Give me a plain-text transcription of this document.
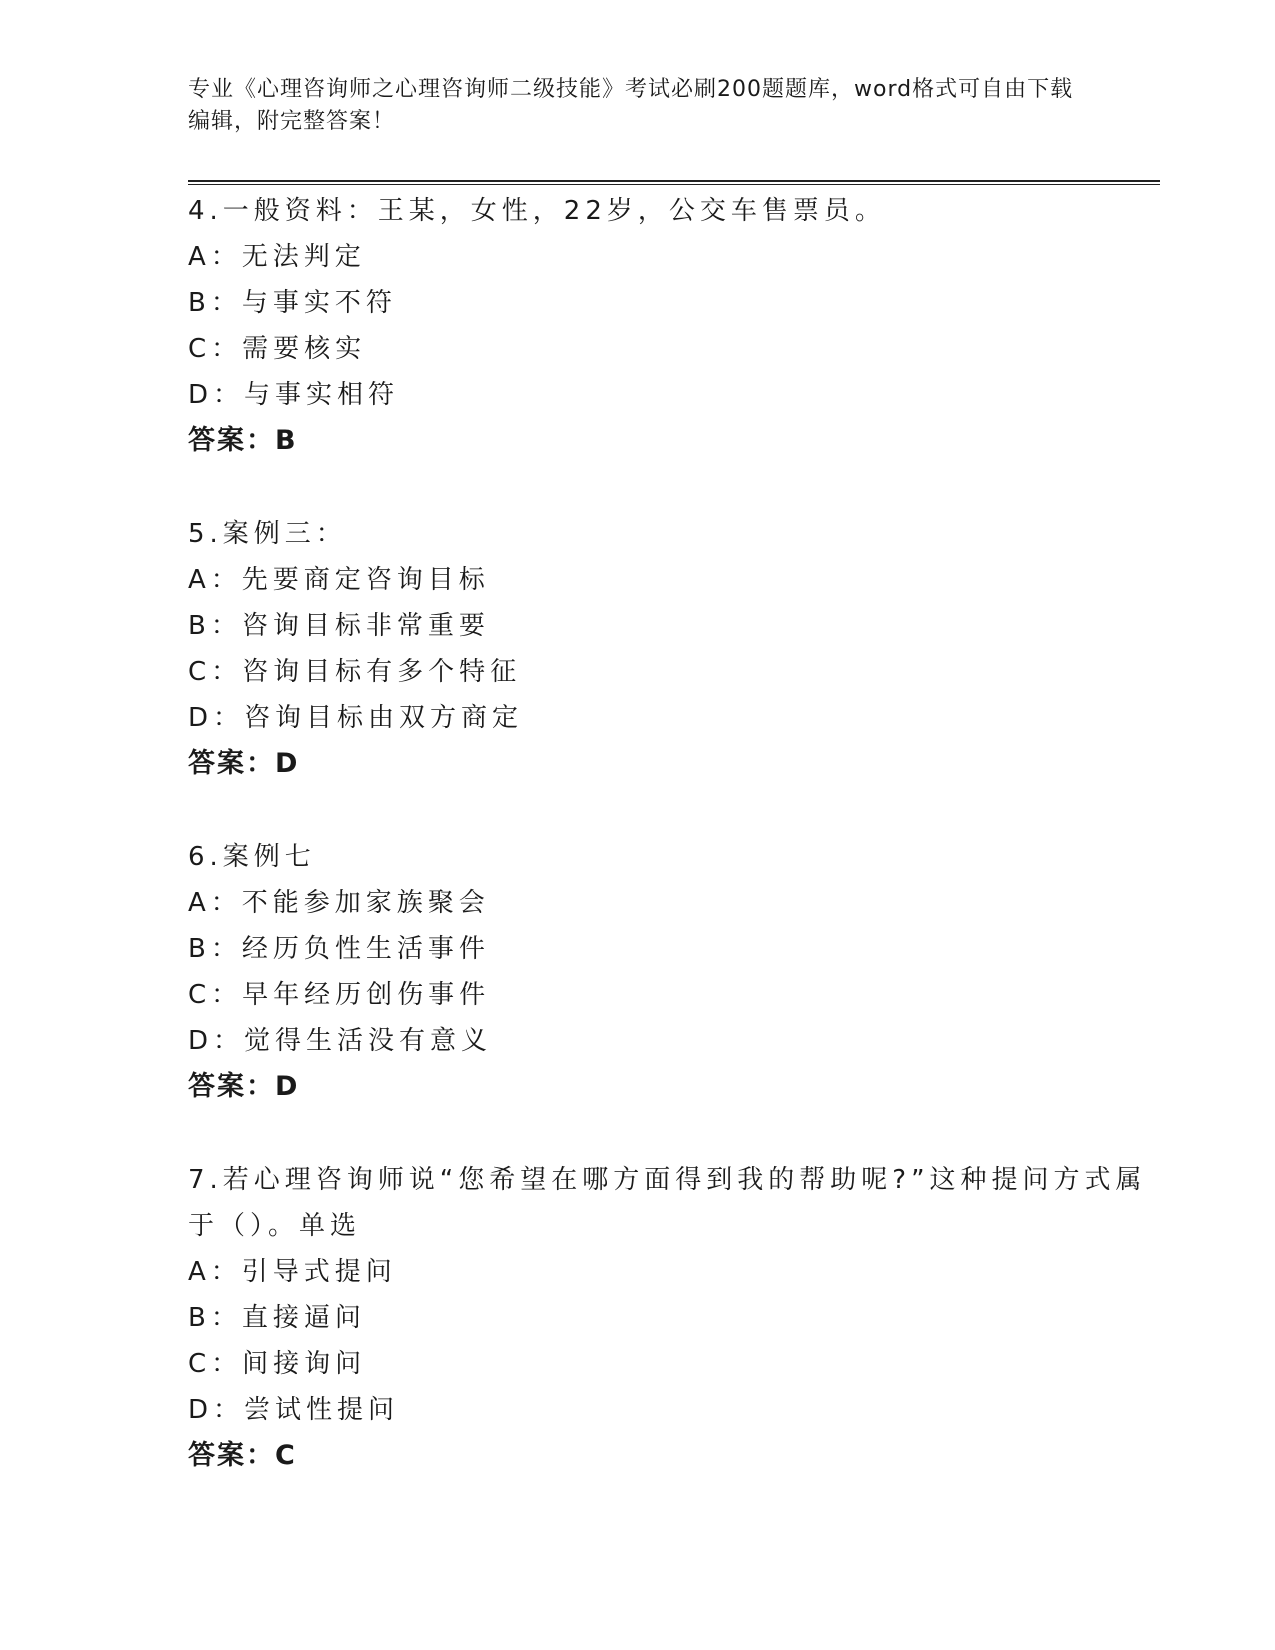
专业《心理咨询师之心理咨询师二级技能》考试必刷200题题库，word格式可自由下载编辑，附完整答案！
4.一般资料：王某，女性，22岁，公交车售票员。
A：无法判定
B：与事实不符
C：需要核实
D：与事实相符
答案：B
5.案例三：
A：先要商定咨询目标
B：咨询目标非常重要
C：咨询目标有多个特征
D：咨询目标由双方商定
答案：D
6.案例七
A：不能参加家族聚会
B：经历负性生活事件
C：早年经历创伤事件
D：觉得生活没有意义
答案：D
7.若心理咨询师说“您希望在哪方面得到我的帮助呢?”这种提问方式属于（）。单选
A：引导式提问
B：直接逼问
C：间接询问
D：尝试性提问
答案：C
